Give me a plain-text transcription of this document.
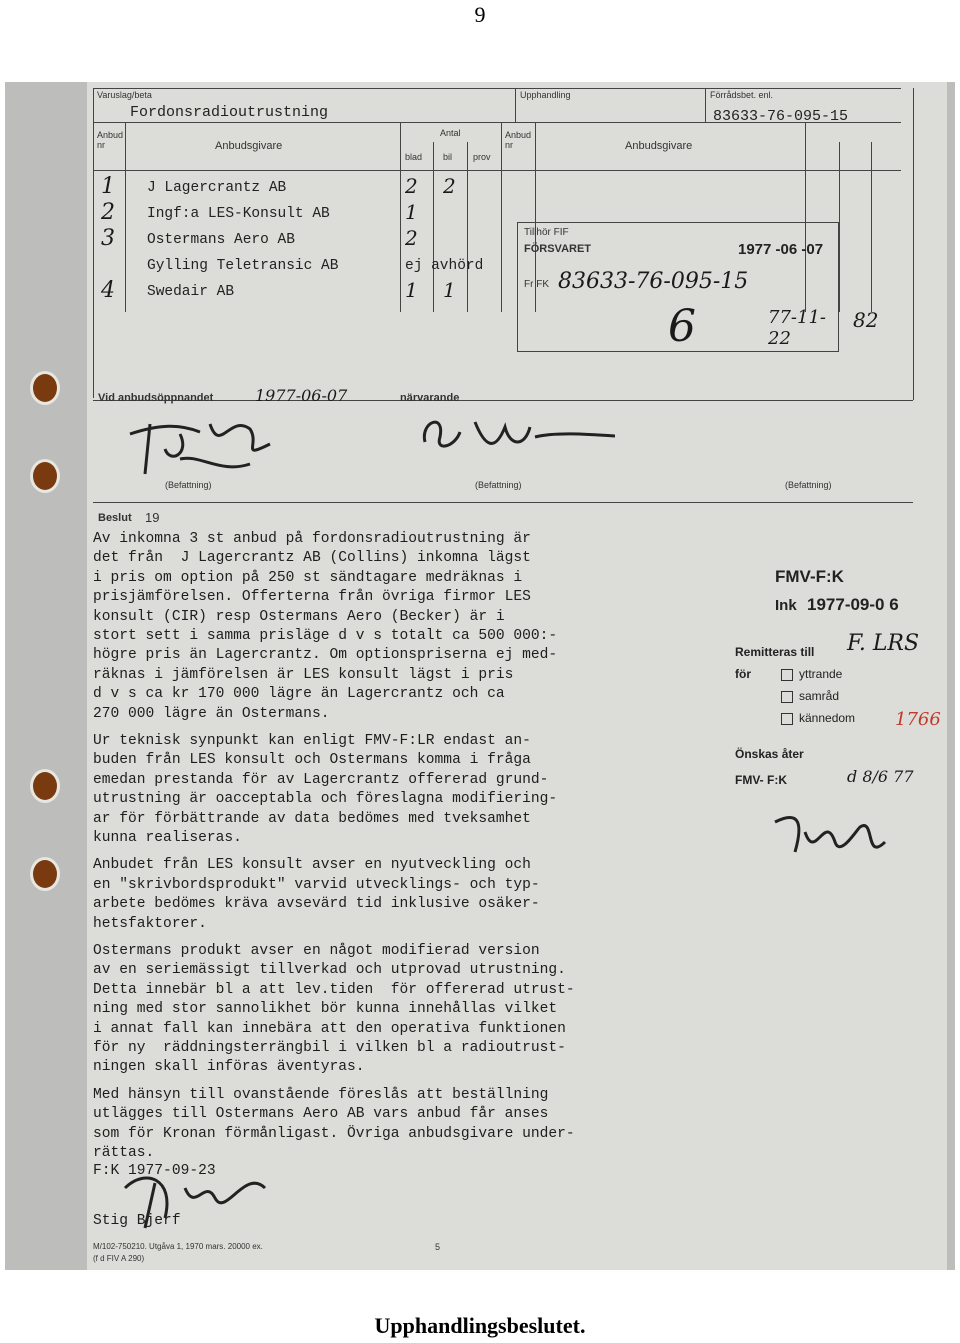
9
Varuslag/beta
Fordonsradioutrustning
Upphandling	Förrådsbet. enl.
83633-76-095-15
Anbud nr	Anbudsgivare
Antal
blad bil prov
Anbud nr	Anbudsgivare
1 J Lagercrantz AB	2 2
2 Ingf:a LES-Konsult AB	1
3 Ostermans Aero AB	2
Gylling Teletransic AB	ej avhörd
4 Swedair AB	1 1
Tillhör FIF
FÖRSVARET	1977 -06 -07
Fr FK 83633-76-095-15
6	77-11-22
82
Vid anbudsöppnandet	1977-06-07	närvarande
(Befattning)	(Befattning)	(Befattning)
Beslut 19
Av inkomna 3 st anbud på fordonsradioutrustning är
det från  J Lagercrantz AB (Collins) inkomna lägst
i pris om option på 250 st sändtagare medräknas i
prisjämförelsen. Offerterna från övriga firmor LES
konsult (CIR) resp Ostermans Aero (Becker) är i
stort sett i samma prisläge d v s totalt ca 500 000:-
högre pris än Lagercrantz. Om optionspriserna ej med-
räknas i jämförelsen är LES konsult lägst i pris
d v s ca kr 170 000 lägre än Lagercrantz och ca
270 000 lägre än Ostermans.
Ur teknisk synpunkt kan enligt FMV-F:LR endast an-
buden från LES konsult och Ostermans komma i fråga
emedan prestanda för av Lagercrantz offererad grund-
utrustning är oacceptabla och föreslagna modifiering-
ar för förbättrande av data bedömes med tveksamhet
kunna realiseras.
Anbudet från LES konsult avser en nyutveckling och
en "skrivbordsprodukt" varvid utvecklings- och typ-
arbete bedömes kräva avsevärd tid inklusive osäker-
hetsfaktorer.
Ostermans produkt avser en något modifierad version
av en seriemässigt tillverkad och utprovad utrustning.
Detta innebär bl a att lev.tiden  för offererad utrust-
ning med stor sannolikhet bör kunna innehållas vilket
i annat fall kan innebära att den operativa funktionen
för ny  räddningsterrängbil i vilken bl a radioutrust-
ningen skall införas äventyras.
Med hänsyn till ovanstående föreslås att beställning
utlägges till Ostermans Aero AB vars anbud får anses
som för Kronan förmånligast. Övriga anbudsgivare under-
rättas.
FMV-F:K
Ink 1977-09-0 6
Remitteras till F. LRS
för	yttrande
samråd
kännedom 1766
Önskas åter
FMV- F:K	d 8/6 77
F:K 1977-09-23
Stig Bjerf
M/102-750210. Utgåva 1, 1970 mars. 20000 ex.
(f d FIV A 290)
5
Upphandlingsbeslutet.
